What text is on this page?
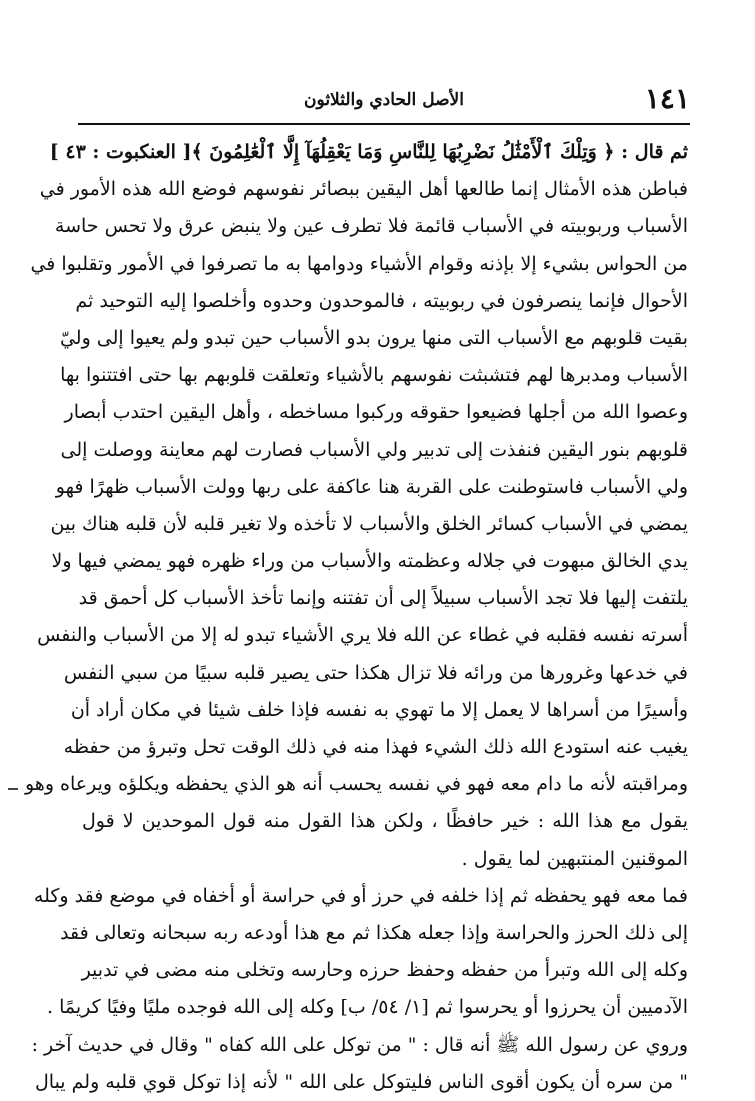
١٤١
الأصل الحادي والثلاثون
ثم قال : ﴿ وَتِلْكَ ٱلْأَمْثَٰلُ نَضْرِبُهَا لِلنَّاسِ وَمَا يَعْقِلُهَآ إِلَّا ٱلْعَٰلِمُونَ ﴾[ العنكبوت : ٤٣ ]
فباطن هذه الأمثال إنما طالعها أهل اليقين ببصائر نفوسهم فوضع الله هذه الأمور في
الأسباب وربوبيته في الأسباب قائمة فلا تطرف عين ولا ينبض عرق ولا تحس حاسة
من الحواس بشيء إلا بإذنه وقوام الأشياء ودوامها به ما تصرفوا في الأمور وتقلبوا في
الأحوال فإنما ينصرفون في ربوبيته ، فالموحدون وحدوه وأخلصوا إليه التوحيد ثم
بقيت قلوبهم مع الأسباب التى منها يرون بدو الأسباب حين تبدو ولم يعيوا إلى وليّ
الأسباب ومدبرها لهم فتشبثت نفوسهم بالأشياء وتعلقت قلوبهم بها حتى افتتنوا بها
وعصوا الله من أجلها فضيعوا حقوقه وركبوا مساخطه ، وأهل اليقين احتدب أبصار
قلوبهم بنور اليقين فنفذت إلى تدبير ولي الأسباب فصارت لهم معاينة ووصلت إلى
ولي الأسباب فاستوطنت على القربة هنا عاكفة على ربها وولت الأسباب ظهرًا فهو
يمضي في الأسباب كسائر الخلق والأسباب لا تأخذه ولا تغير قلبه لأن قلبه هناك بين
يدي الخالق مبهوت في جلاله وعظمته والأسباب من وراء ظهره فهو يمضي فيها ولا
يلتفت إليها فلا تجد الأسباب سبيلاً إلى أن تفتنه وإنما تأخذ الأسباب كل أحمق قد
أسرته نفسه فقلبه في غطاء عن الله فلا يري الأشياء تبدو له إلا من الأسباب والنفس
في خدعها وغرورها من ورائه فلا تزال هكذا حتى يصير قلبه سبيًا من سبي النفس
وأسيرًا من أسراها لا يعمل إلا ما تهوي به نفسه فإذا خلف شيئا في مكان أراد أن
يغيب عنه استودع الله ذلك الشيء فهذا منه في ذلك الوقت تحل وتبرؤ من حفظه
ومراقبته لأنه ما دام معه فهو في نفسه يحسب أنه هو الذي يحفظه ويكلؤه ويرعاه وهو
يقول مع هذا الله : خير حافظًا ، ولكن هذا القول منه قول الموحدين لا قول
الموقنين المنتبهين لما يقول .
فما معه فهو يحفظه ثم إذا خلفه في حرز أو في حراسة أو أخفاه في موضع فقد وكله
إلى ذلك الحرز والحراسة وإذا جعله هكذا ثم مع هذا أودعه ربه سبحانه وتعالى فقد
وكله إلى الله وتبرأ من حفظه وحفظ حرزه وحارسه وتخلى منه مضى في تدبير
الآدميين أن يحرزوا أو يحرسوا ثم [١/ ٥٤/ ب] وكله إلى الله فوجده مليًا وفيًا كريمًا .
وروي عن رسول الله ﷺ أنه قال : " من توكل على الله كفاه " وقال في حديث آخر :
" من سره أن يكون أقوى الناس فليتوكل على الله " لأنه إذا توكل قوي قلبه ولم يبال
